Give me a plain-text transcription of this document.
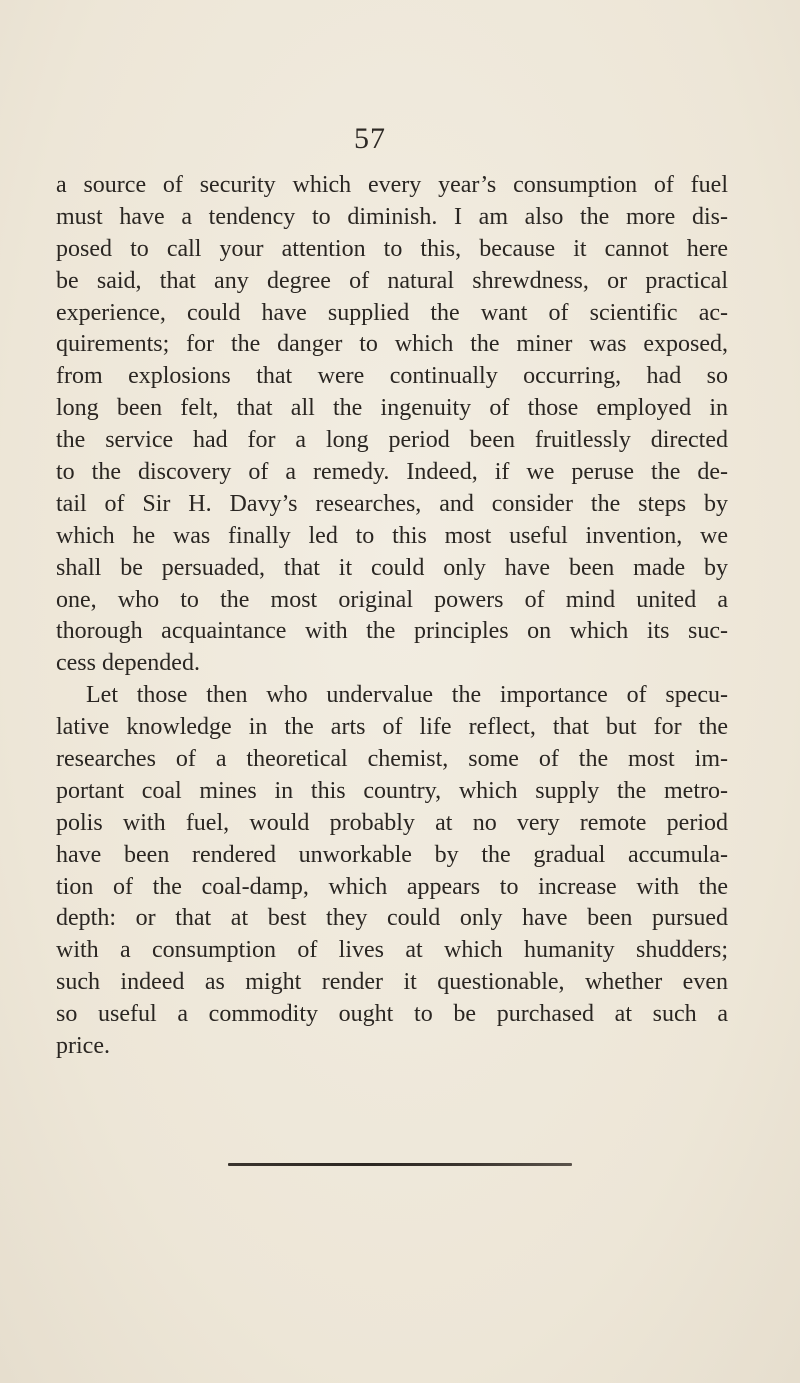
57
a source of security which every year’s consumption of fuel
must have a tendency to diminish. I am also the more dis-
posed to call your attention to this, because it cannot here
be said, that any degree of natural shrewdness, or practical
experience, could have supplied the want of scientific ac-
quirements; for the danger to which the miner was exposed,
from explosions that were continually occurring, had so
long been felt, that all the ingenuity of those employed in
the service had for a long period been fruitlessly directed
to the discovery of a remedy. Indeed, if we peruse the de-
tail of Sir H. Davy’s researches, and consider the steps by
which he was finally led to this most useful invention, we
shall be persuaded, that it could only have been made by
one, who to the most original powers of mind united a
thorough acquaintance with the principles on which its suc-
cess depended.
Let those then who undervalue the importance of specu-
lative knowledge in the arts of life reflect, that but for the
researches of a theoretical chemist, some of the most im-
portant coal mines in this country, which supply the metro-
polis with fuel, would probably at no very remote period
have been rendered unworkable by the gradual accumula-
tion of the coal-damp, which appears to increase with the
depth: or that at best they could only have been pursued
with a consumption of lives at which humanity shudders;
such indeed as might render it questionable, whether even
so useful a commodity ought to be purchased at such a
price.
